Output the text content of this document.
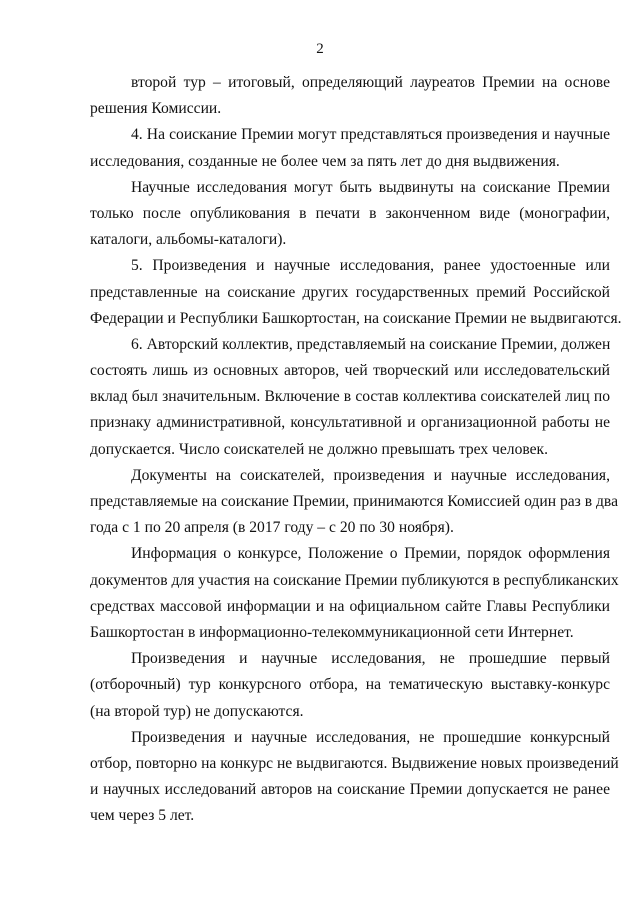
2
второй тур – итоговый, определяющий лауреатов Премии на основе
решения Комиссии.
4. На соискание Премии могут представляться произведения и научные
исследования, созданные не более чем за пять лет до дня выдвижения.
Научные исследования могут быть выдвинуты на соискание Премии
только после опубликования в печати в законченном виде (монографии,
каталоги, альбомы-каталоги).
5. Произведения и научные исследования, ранее удостоенные или
представленные на соискание других государственных премий Российской
Федерации и Республики Башкортостан, на соискание Премии не выдвигаются.
6. Авторский коллектив, представляемый на соискание Премии, должен
состоять лишь из основных авторов, чей творческий или исследовательский
вклад был значительным. Включение в состав коллектива соискателей лиц по
признаку административной, консультативной и организационной работы не
допускается. Число соискателей не должно превышать трех человек.
Документы на соискателей, произведения и научные исследования,
представляемые на соискание Премии, принимаются Комиссией один раз в два
года с 1 по 20 апреля (в 2017 году – с 20 по 30 ноября).
Информация о конкурсе, Положение о Премии, порядок оформления
документов для участия на соискание Премии публикуются в республиканских
средствах массовой информации и на официальном сайте Главы Республики
Башкортостан в информационно-телекоммуникационной сети Интернет.
Произведения и научные исследования, не прошедшие первый
(отборочный) тур конкурсного отбора, на тематическую выставку-конкурс
(на второй тур) не допускаются.
Произведения и научные исследования, не прошедшие конкурсный
отбор, повторно на конкурс не выдвигаются. Выдвижение новых произведений
и научных исследований авторов на соискание Премии допускается не ранее
чем через 5 лет.
